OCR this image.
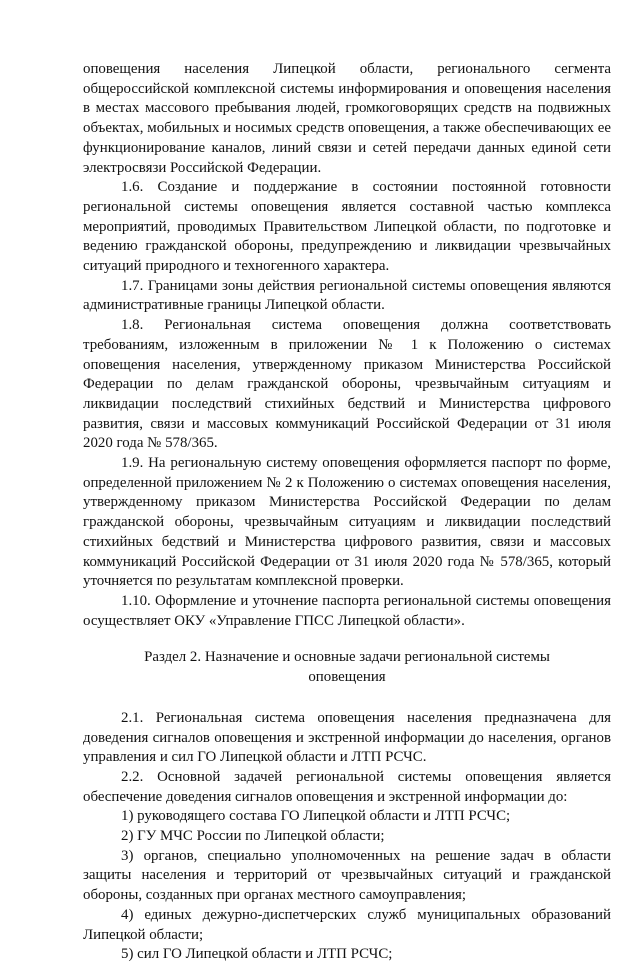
оповещения населения Липецкой области, регионального сегмента общероссийской комплексной системы информирования и оповещения населения в местах массового пребывания людей, громкоговорящих средств на подвижных объектах, мобильных и носимых средств оповещения, а также обеспечивающих ее функционирование каналов, линий связи и сетей передачи данных единой сети электросвязи Российской Федерации.

1.6. Создание и поддержание в состоянии постоянной готовности региональной системы оповещения является составной частью комплекса мероприятий, проводимых Правительством Липецкой области, по подготовке и ведению гражданской обороны, предупреждению и ликвидации чрезвычайных ситуаций природного и техногенного характера.

1.7. Границами зоны действия региональной системы оповещения являются административные границы Липецкой области.

1.8. Региональная система оповещения должна соответствовать требованиям, изложенным в приложении № 1 к Положению о системах оповещения населения, утвержденному приказом Министерства Российской Федерации по делам гражданской обороны, чрезвычайным ситуациям и ликвидации последствий стихийных бедствий и Министерства цифрового развития, связи и массовых коммуникаций Российской Федерации от 31 июля 2020 года № 578/365.

1.9. На региональную систему оповещения оформляется паспорт по форме, определенной приложением № 2 к Положению о системах оповещения населения, утвержденному приказом Министерства Российской Федерации по делам гражданской обороны, чрезвычайным ситуациям и ликвидации последствий стихийных бедствий и Министерства цифрового развития, связи и массовых коммуникаций Российской Федерации от 31 июля 2020 года № 578/365, который уточняется по результатам комплексной проверки.

1.10. Оформление и уточнение паспорта региональной системы оповещения осуществляет ОКУ «Управление ГПСС Липецкой области».

Раздел 2. Назначение и основные задачи региональной системы оповещения

2.1. Региональная система оповещения населения предназначена для доведения сигналов оповещения и экстренной информации до населения, органов управления и сил ГО Липецкой области и ЛТП РСЧС.

2.2. Основной задачей региональной системы оповещения является обеспечение доведения сигналов оповещения и экстренной информации до:

1) руководящего состава ГО Липецкой области и ЛТП РСЧС;

2) ГУ МЧС России по Липецкой области;

3) органов, специально уполномоченных на решение задач в области защиты населения и территорий от чрезвычайных ситуаций и гражданской обороны, созданных при органах местного самоуправления;

4) единых дежурно-диспетчерских служб муниципальных образований Липецкой области;

5) сил ГО Липецкой области и ЛТП РСЧС;
